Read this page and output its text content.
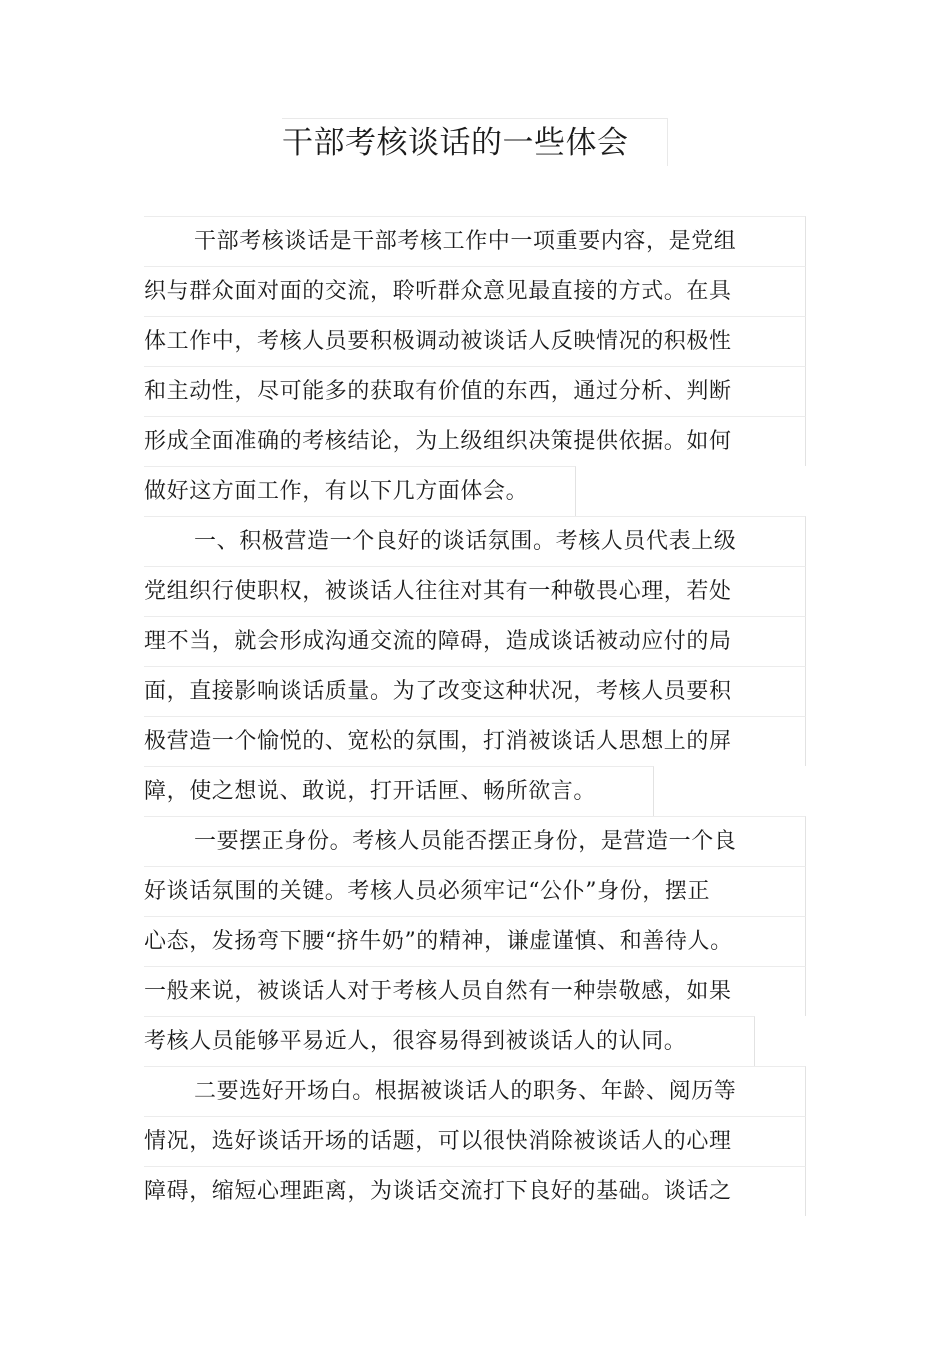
干部考核谈话的一些体会
干部考核谈话是干部考核工作中一项重要内容，是党组
织与群众面对面的交流，聆听群众意见最直接的方式。在具
体工作中，考核人员要积极调动被谈话人反映情况的积极性
和主动性，尽可能多的获取有价值的东西，通过分析、判断
形成全面准确的考核结论，为上级组织决策提供依据。如何
做好这方面工作，有以下几方面体会。
一、积极营造一个良好的谈话氛围。考核人员代表上级
党组织行使职权，被谈话人往往对其有一种敬畏心理，若处
理不当，就会形成沟通交流的障碍，造成谈话被动应付的局
面，直接影响谈话质量。为了改变这种状况，考核人员要积
极营造一个愉悦的、宽松的氛围，打消被谈话人思想上的屏
障，使之想说、敢说，打开话匣、畅所欲言。
一要摆正身份。考核人员能否摆正身份，是营造一个良
好谈话氛围的关键。考核人员必须牢记“公仆”身份，摆正
心态，发扬弯下腰“挤牛奶”的精神，谦虚谨慎、和善待人。
一般来说，被谈话人对于考核人员自然有一种崇敬感，如果
考核人员能够平易近人，很容易得到被谈话人的认同。
二要选好开场白。根据被谈话人的职务、年龄、阅历等
情况，选好谈话开场的话题，可以很快消除被谈话人的心理
障碍，缩短心理距离，为谈话交流打下良好的基础。谈话之
